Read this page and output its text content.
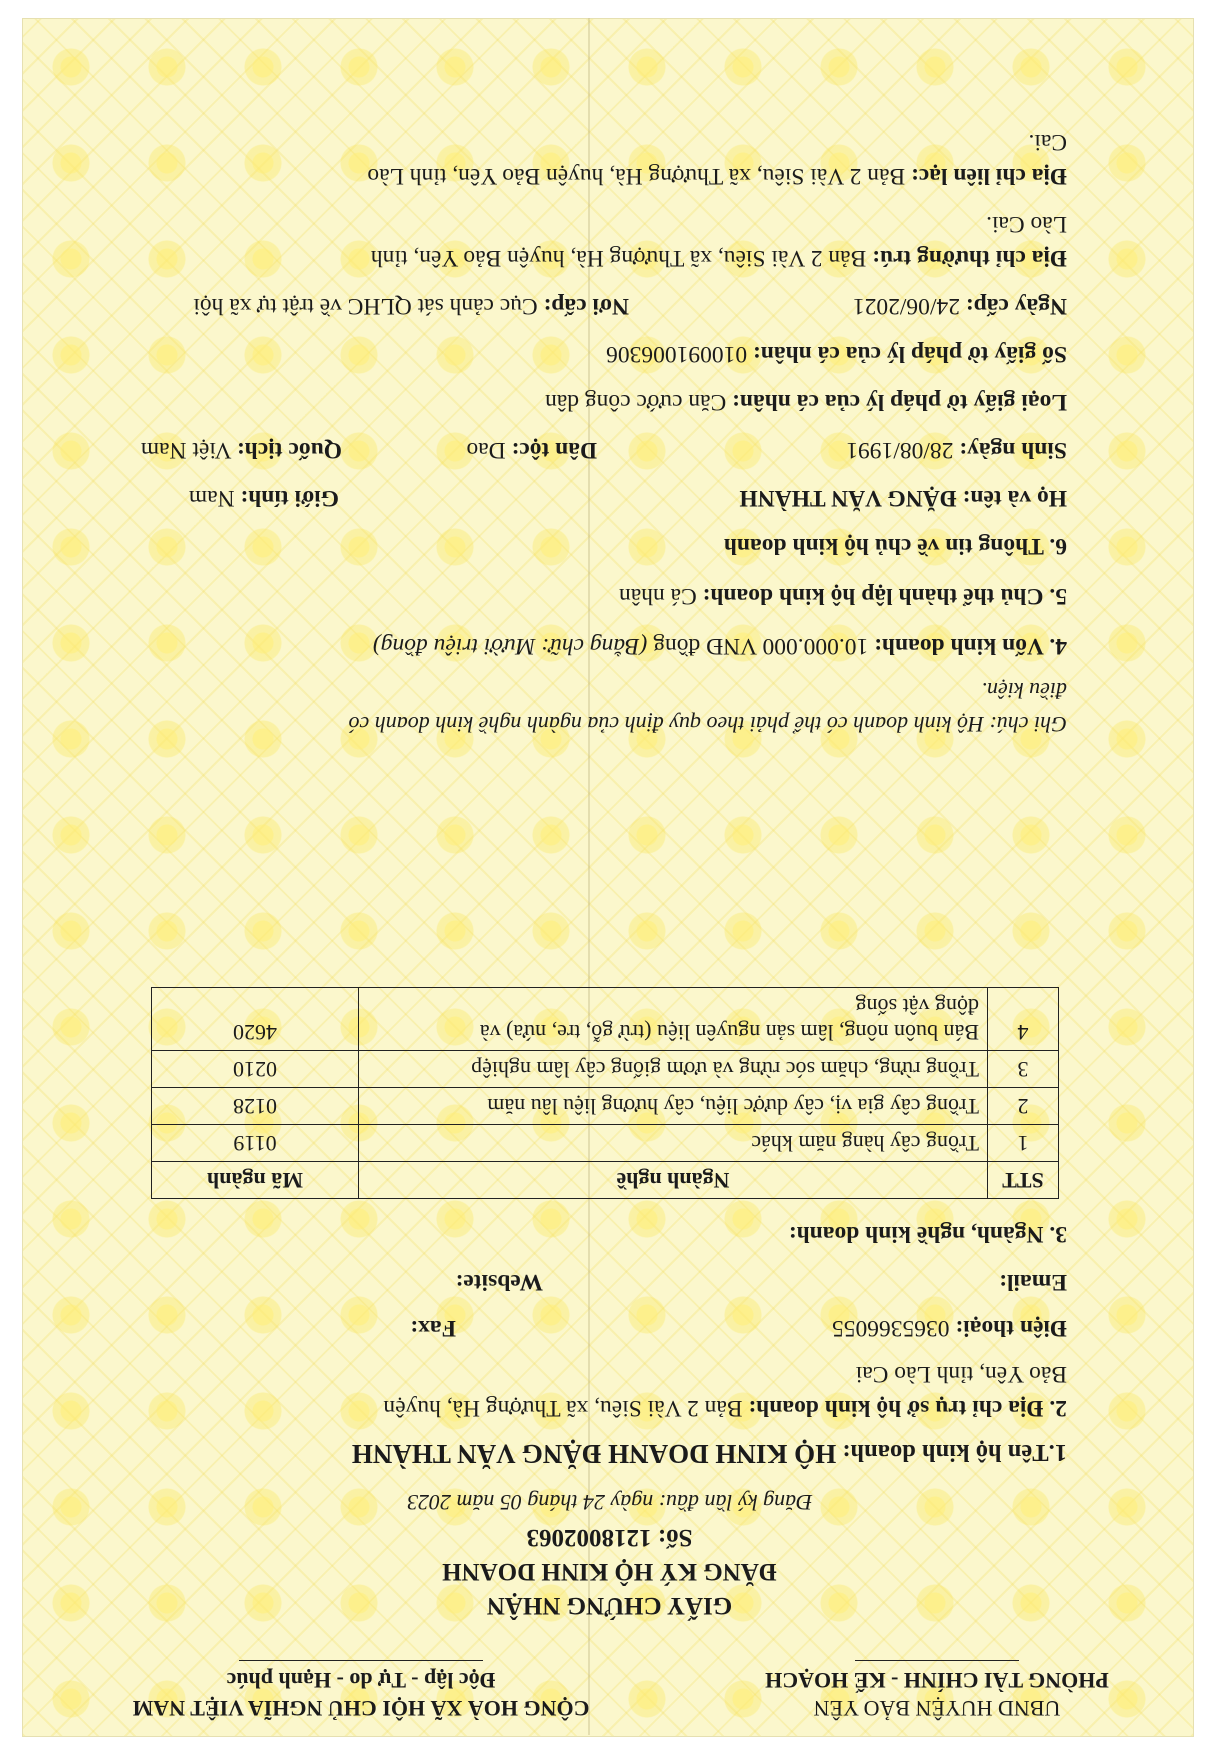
UBND HUYỆN BẢO YÊN
PHÒNG TÀI CHÍNH - KẾ HOẠCH
CỘNG HOÀ XÃ HỘI CHỦ NGHĨA VIỆT NAM
Độc lập - Tự do - Hạnh phúc
GIẤY CHỨNG NHẬN
ĐĂNG KÝ HỘ KINH DOANH
Số: 1218002063
Đăng ký lần đầu: ngày 24 tháng 05 năm 2023
1.Tên hộ kinh doanh: HỘ KINH DOANH ĐẶNG VĂN THÀNH
2. Địa chỉ trụ sở hộ kinh doanh: Bản 2 Vài Siêu, xã Thượng Hà, huyện
Bảo Yên, tỉnh Lào Cai
Điện thoại: 0365366055
Fax:
Email:
Website:
3. Ngành, nghề kinh doanh:
STT	Ngành nghề	Mã ngành
1	Trồng cây hàng năm khác	0119
2	Trồng cây gia vị, cây dược liệu, cây hương liệu lâu năm	0128
3	Trồng rừng, chăm sóc rừng và ươm giống cây lâm nghiệp	0210
4	Bán buôn nông, lâm sản nguyên liệu (trừ gỗ, tre, nứa) và
động vật sống	4620
Ghi chú: Hộ kinh doanh có thể phải theo quy định của ngành nghề kinh doanh có
điều kiện.
4. Vốn kinh doanh: 10.000.000 VNĐ đồng (Bằng chữ: Mười triệu đồng)
5. Chủ thể thành lập hộ kinh doanh: Cá nhân
6. Thông tin về chủ hộ kinh doanh
Họ và tên: ĐẶNG VĂN THÀNH
Giới tính: Nam
Sinh ngày: 28/08/1991
Dân tộc: Dao
Quốc tịch: Việt Nam
Loại giấy tờ pháp lý của cá nhân: Căn cước công dân
Số giấy tờ pháp lý của cá nhân: 010091006306
Ngày cấp: 24/06/2021
Nơi cấp: Cục cảnh sát QLHC về trật tự xã hội
Địa chỉ thường trú: Bản 2 Vài Siêu, xã Thượng Hà, huyện Bảo Yên, tỉnh
Lào Cai.
Địa chỉ liên lạc: Bản 2 Vài Siêu, xã Thượng Hà, huyện Bảo Yên, tỉnh Lào
Cai.
